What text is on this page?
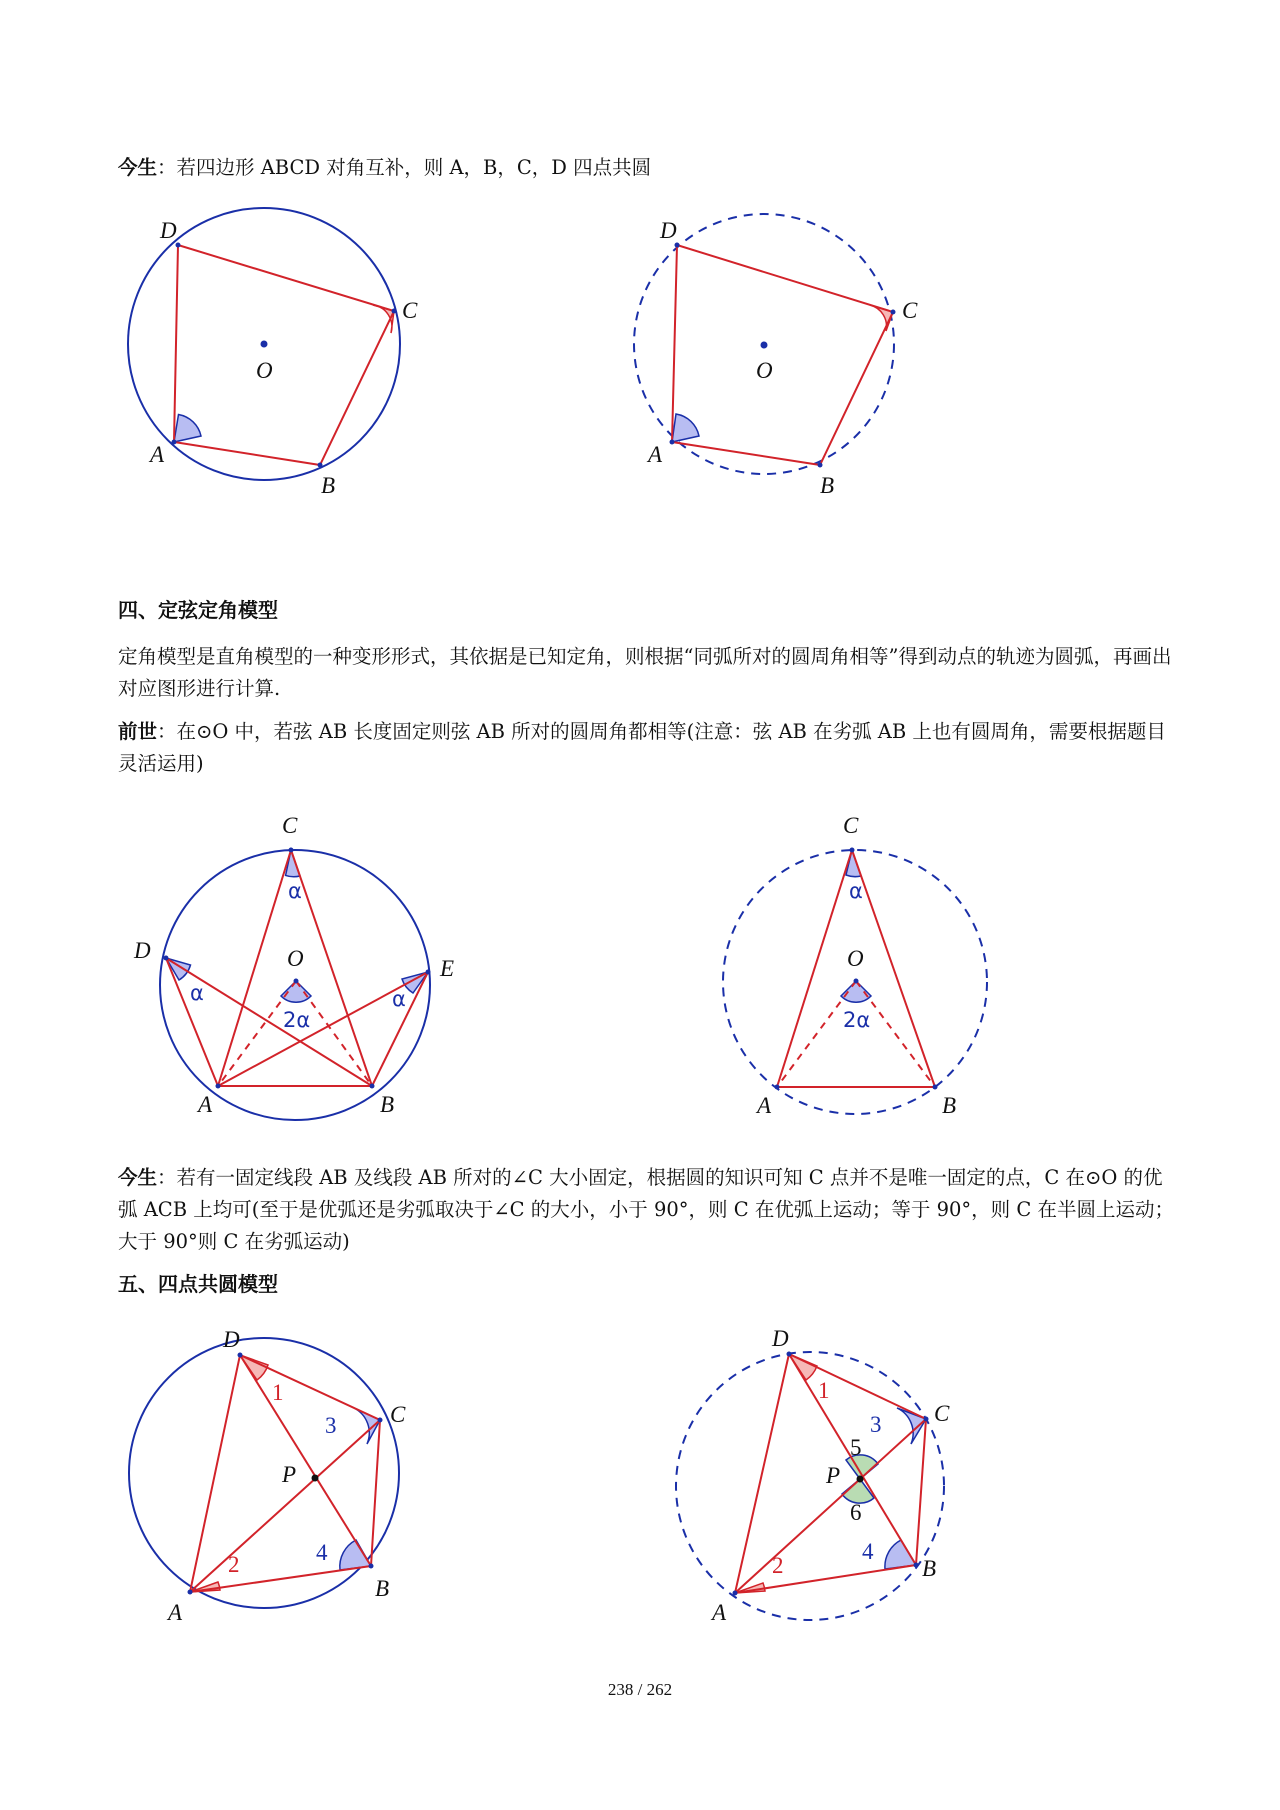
今生：若四边形 ABCD 对角互补，则 A，B，C，D 四点共圆

D
C
O
A
B
D
C
O
A
B

四、定弦定角模型

定角模型是直角模型的一种变形形式，其依据是已知定角，则根据“同弧所对的圆周角相等”得到动点的轨迹为圆弧，再画出对应图形进行计算.

前世：在⊙O 中，若弦 AB 长度固定则弦 AB 所对的圆周角都相等(注意：弦 AB 在劣弧 AB 上也有圆周角，需要根据题目灵活运用)

C
α
D
α
O
2α
α
E
A	B
C
α
O
2α
A	B

今生：若有一固定线段 AB 及线段 AB 所对的∠C 大小固定，根据圆的知识可知 C 点并不是唯一固定的点，C 在⊙O 的优弧 ACB 上均可(至于是优弧还是劣弧取决于∠C 的大小，小于 90°，则 C 在优弧上运动；等于 90°，则 C 在半圆上运动；大于 90°则 C 在劣弧运动)

五、四点共圆模型

D
1
3 C
P
2	4
B
A
D
1
3 C
5
P
6
2
4
B
A
238 / 262
